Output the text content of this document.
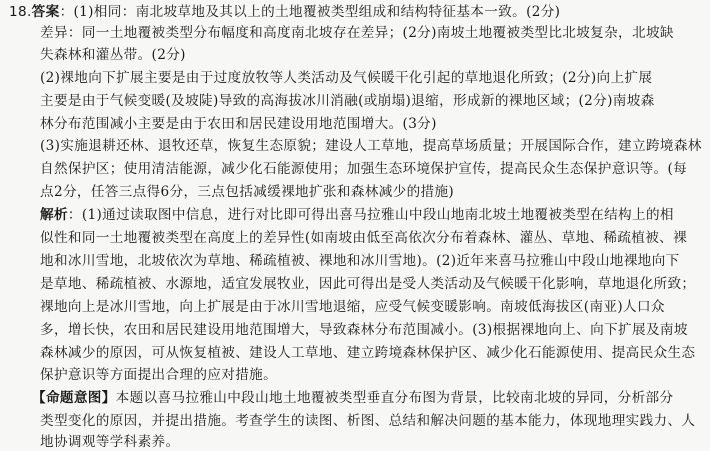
18.答案：(1)相同：南北坡草地及其以上的土地覆被类型组成和结构特征基本一致。(2分)
差异：同一土地覆被类型分布幅度和高度南北坡存在差异；(2分)南坡土地覆被类型比北坡复杂，北坡缺
失森林和灌丛带。(2分)
(2)裸地向下扩展主要是由于过度放牧等人类活动及气候暖干化引起的草地退化所致；(2分)向上扩展
主要是由于气候变暖(及坡陡)导致的高海拔冰川消融(或崩塌)退缩，形成新的裸地区域；(2分)南坡森
林分布范围减小主要是由于农田和居民建设用地范围增大。(3分)
(3)实施退耕还林、退牧还草，恢复生态原貌；建设人工草地，提高草场质量；开展国际合作，建立跨境森林
自然保护区；使用清洁能源，减少化石能源使用；加强生态环境保护宣传，提高民众生态保护意识等。(每
点2分，任答三点得6分，三点包括减缓裸地扩张和森林减少的措施)
解析：(1)通过读取图中信息，进行对比即可得出喜马拉雅山中段山地南北坡土地覆被类型在结构上的相
似性和同一土地覆被类型在高度上的差异性(如南坡由低至高依次分布着森林、灌丛、草地、稀疏植被、裸
地和冰川雪地，北坡依次为草地、稀疏植被、裸地和冰川雪地)。(2)近年来喜马拉雅山中段山地裸地向下
是草地、稀疏植被、水源地，适宜发展牧业，因此可得出是受人类活动及气候暖干化影响，草地退化所致；
裸地向上是冰川雪地，向上扩展是由于冰川雪地退缩，应受气候变暖影响。南坡低海拔区(南亚)人口众
多，增长快，农田和居民建设用地范围增大，导致森林分布范围减小。(3)根据裸地向上、向下扩展及南坡
森林减少的原因，可从恢复植被、建设人工草地、建立跨境森林保护区、减少化石能源使用、提高民众生态
保护意识等方面提出合理的应对措施。
【命题意图】本题以喜马拉雅山中段山地土地覆被类型垂直分布图为背景，比较南北坡的异同，分析部分
类型变化的原因，并提出措施。考查学生的读图、析图、总结和解决问题的基本能力，体现地理实践力、人
地协调观等学科素养。
